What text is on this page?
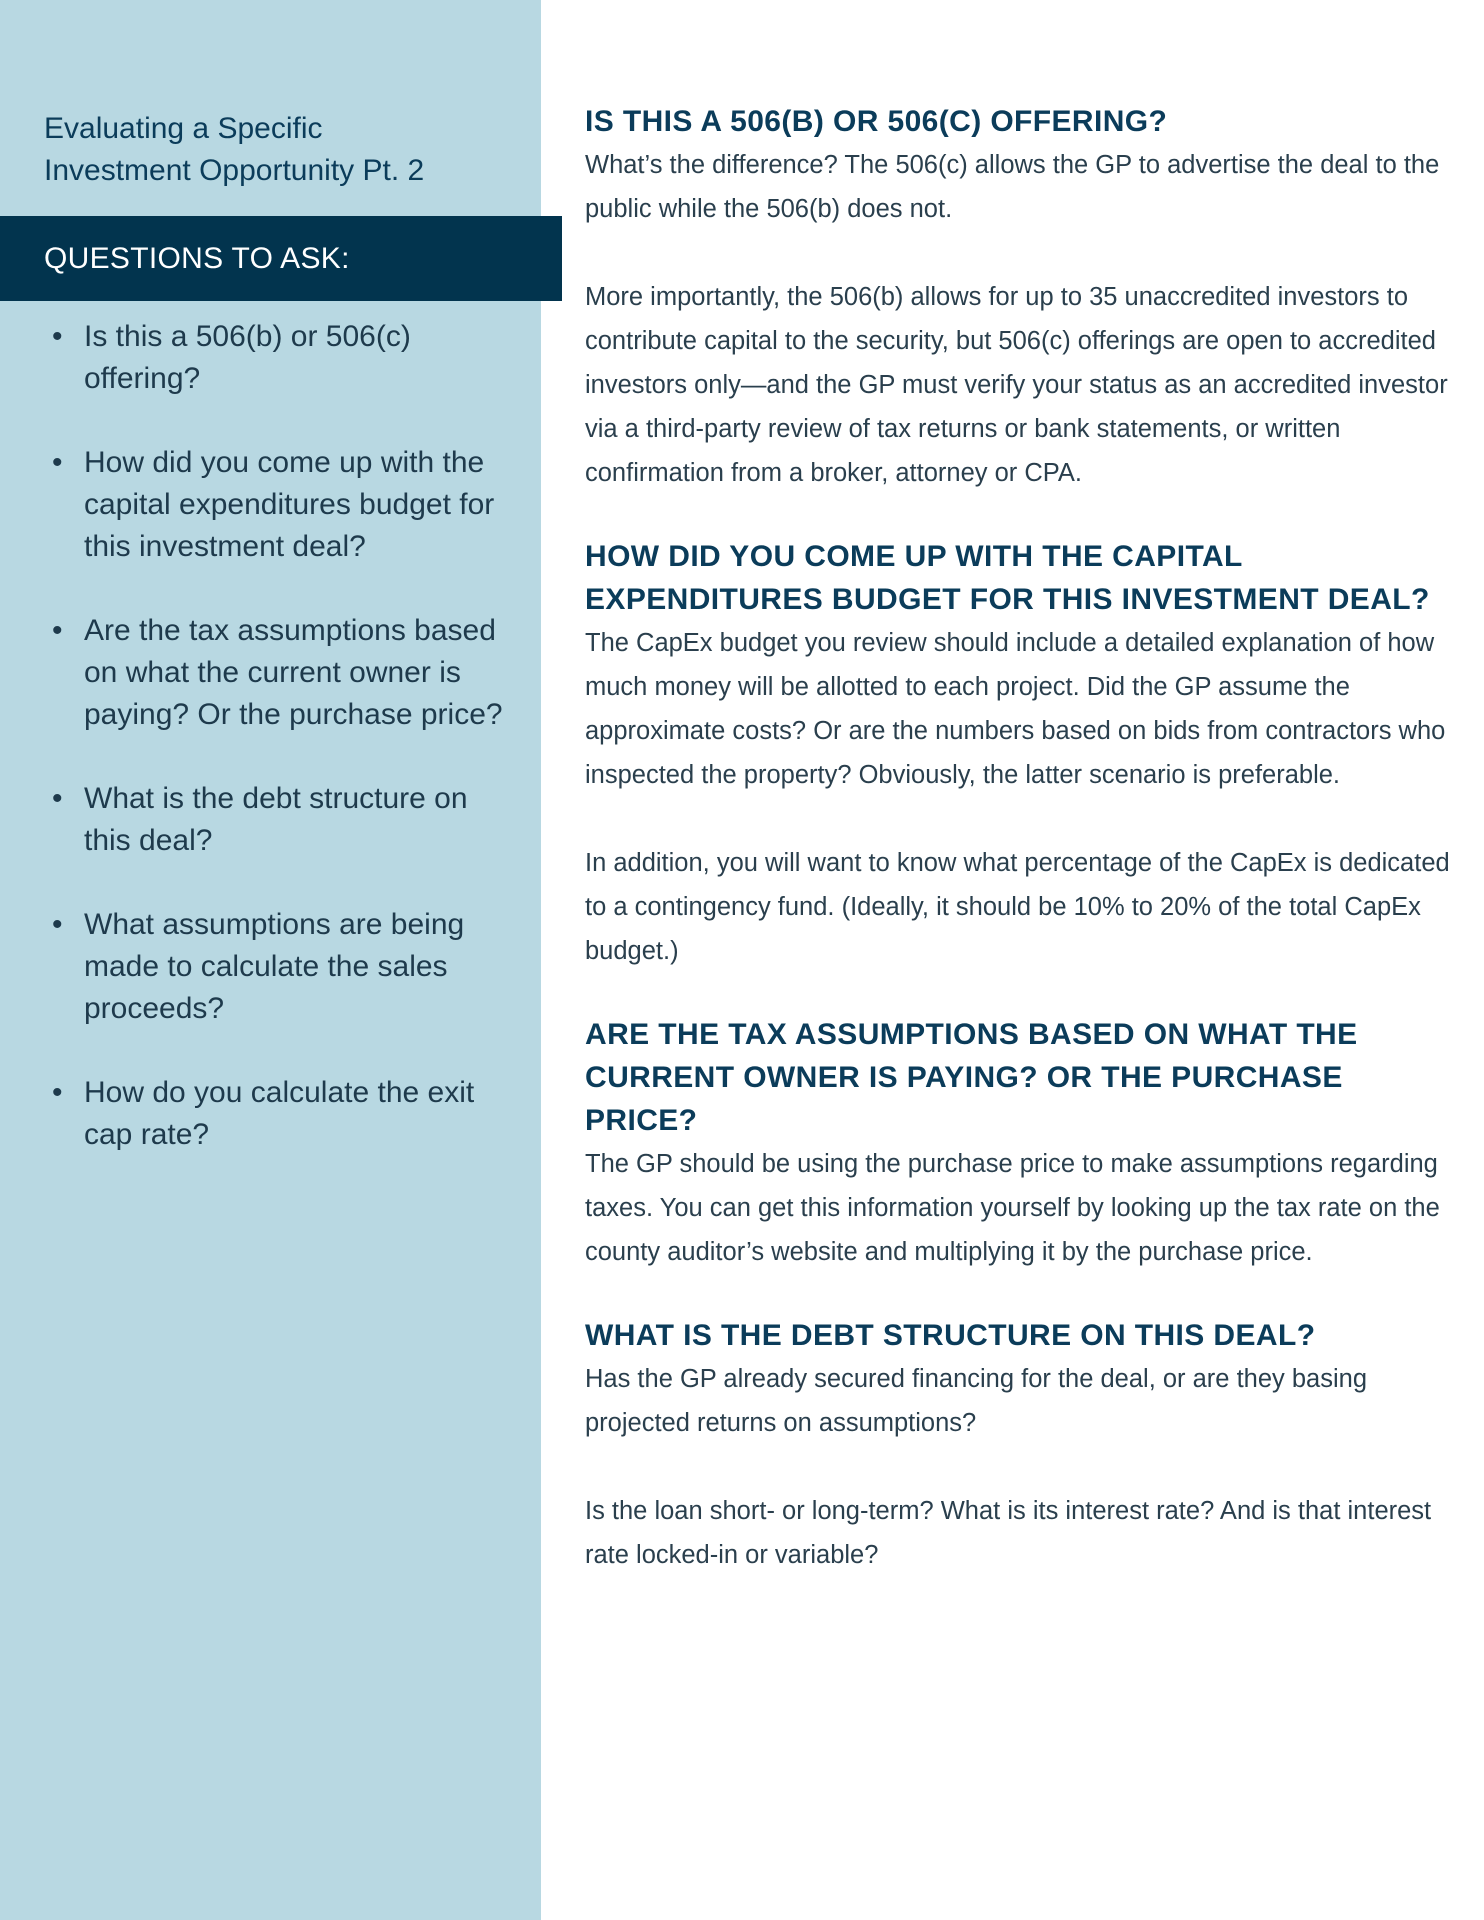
Evaluating a Specific
Investment Opportunity Pt. 2
QUESTIONS TO ASK:
• Is this a 506(b) or 506(c) offering?
• How did you come up with the capital expenditures budget for this investment deal?
• Are the tax assumptions based on what the current owner is paying? Or the purchase price?
• What is the debt structure on this deal?
• What assumptions are being made to calculate the sales proceeds?
• How do you calculate the exit cap rate?
IS THIS A 506(B) OR 506(C) OFFERING?

What’s the difference? The 506(c) allows the GP to advertise the deal to the public while the 506(b) does not.

More importantly, the 506(b) allows for up to 35 unaccredited investors to contribute capital to the security, but 506(c) offerings are open to accredited investors only—and the GP must verify your status as an accredited investor via a third-party review of tax returns or bank statements, or written confirmation from a broker, attorney or CPA.

HOW DID YOU COME UP WITH THE CAPITAL EXPENDITURES BUDGET FOR THIS INVESTMENT DEAL?

The CapEx budget you review should include a detailed explanation of how much money will be allotted to each project. Did the GP assume the approximate costs? Or are the numbers based on bids from contractors who inspected the property? Obviously, the latter scenario is preferable.

In addition, you will want to know what percentage of the CapEx is dedicated to a contingency fund. (Ideally, it should be 10% to 20% of the total CapEx budget.)

ARE THE TAX ASSUMPTIONS BASED ON WHAT THE CURRENT OWNER IS PAYING? OR THE PURCHASE PRICE?

The GP should be using the purchase price to make assumptions regarding taxes. You can get this information yourself by looking up the tax rate on the county auditor’s website and multiplying it by the purchase price.

WHAT IS THE DEBT STRUCTURE ON THIS DEAL?

Has the GP already secured financing for the deal, or are they basing projected returns on assumptions?

Is the loan short- or long-term? What is its interest rate? And is that interest rate locked-in or variable?
